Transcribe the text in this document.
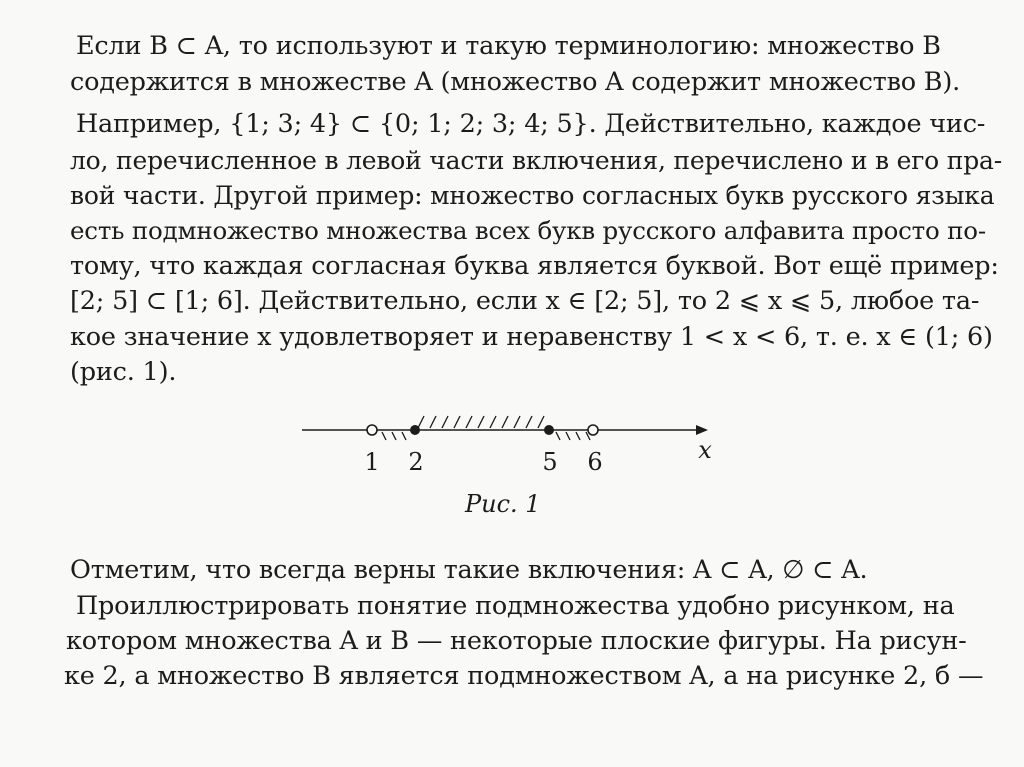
Если B ⊂ A, то используют и такую терминологию: множество B
содержится в множестве A (множество A содержит множество B).
Например, {1; 3; 4} ⊂ {0; 1; 2; 3; 4; 5}. Действительно, каждое чис-
ло, перечисленное в левой части включения, перечислено и в его пра-
вой части. Другой пример: множество согласных букв русского языка
есть подмножество множества всех букв русского алфавита просто по-
тому, что каждая согласная буква является буквой. Вот ещё пример:
[2; 5] ⊂ [1; 6]. Действительно, если x ∈ [2; 5], то 2 ⩽ x ⩽ 5, любое та-
кое значение x удовлетворяет и неравенству 1 < x < 6, т. е. x ∈ (1; 6)
(рис. 1).
1 2	5 6	x
Рис. 1
Отметим, что всегда верны такие включения: A ⊂ A, ∅ ⊂ A.
Проиллюстрировать понятие подмножества удобно рисунком, на
котором множества A и B — некоторые плоские фигуры. На рисун-
ке 2, а множество B является подмножеством A, а на рисунке 2, б —
